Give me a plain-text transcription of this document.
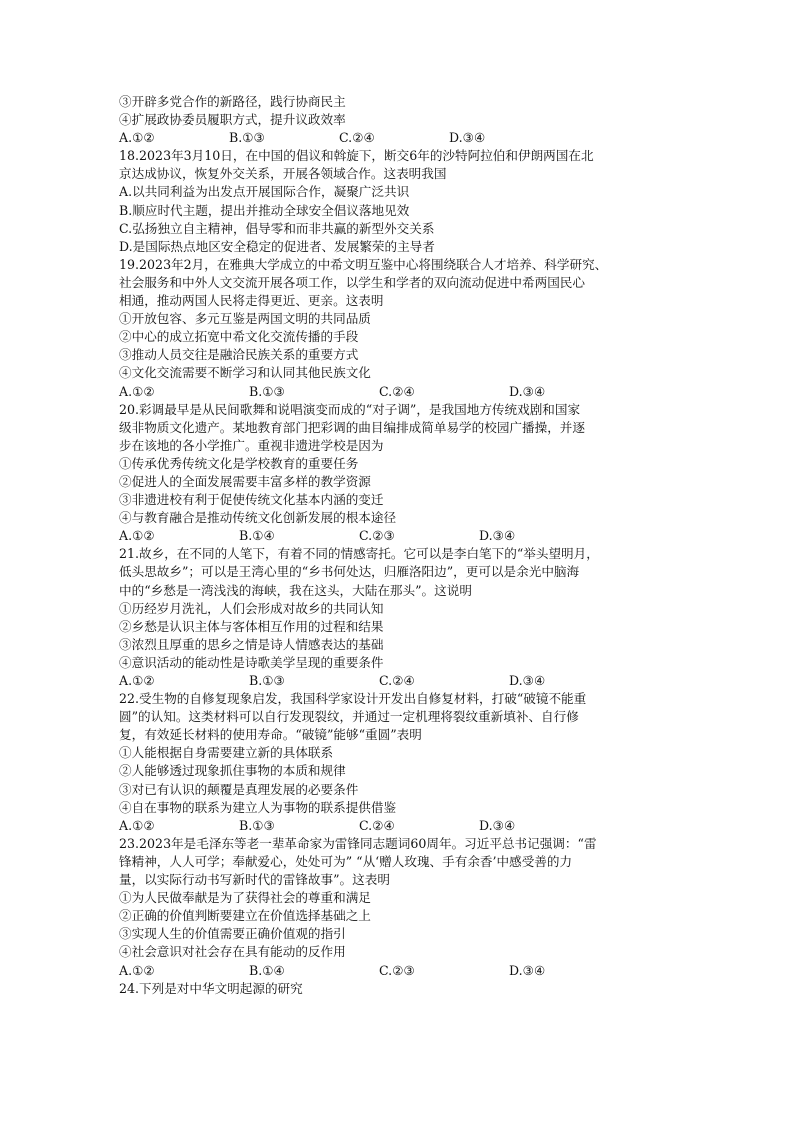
③开辟多党合作的新路径，践行协商民主
④扩展政协委员履职方式，提升议政效率
A.①②	B.①③	C.②④	D.③④
18.2023年3月10日，在中国的倡议和斡旋下，断交6年的沙特阿拉伯和伊朗两国在北
京达成协议，恢复外交关系，开展各领域合作。这表明我国
A.以共同利益为出发点开展国际合作，凝聚广泛共识
B.顺应时代主题，提出并推动全球安全倡议落地见效
C.弘扬独立自主精神，倡导零和而非共赢的新型外交关系
D.是国际热点地区安全稳定的促进者、发展繁荣的主导者
19.2023年2月，在雅典大学成立的中希文明互鉴中心将围绕联合人才培养、科学研究、
社会服务和中外人文交流开展各项工作，以学生和学者的双向流动促进中希两国民心
相通，推动两国人民将走得更近、更亲。这表明
①开放包容、多元互鉴是两国文明的共同品质
②中心的成立拓宽中希文化交流传播的手段
③推动人员交往是融洽民族关系的重要方式
④文化交流需要不断学习和认同其他民族文化
A.①②	B.①③	C.②④	D.③④
20.彩调最早是从民间歌舞和说唱演变而成的“对子调”，是我国地方传统戏剧和国家
级非物质文化遗产。某地教育部门把彩调的曲目编排成简单易学的校园广播操，并逐
步在该地的各小学推广。重视非遗进学校是因为
①传承优秀传统文化是学校教育的重要任务
②促进人的全面发展需要丰富多样的教学资源
③非遗进校有利于促使传统文化基本内涵的变迁
④与教育融合是推动传统文化创新发展的根本途径
A.①②	B.①④	C.②③	D.③④
21.故乡，在不同的人笔下，有着不同的情感寄托。它可以是李白笔下的“举头望明月，
低头思故乡”；可以是王湾心里的“乡书何处达，归雁洛阳边”，更可以是余光中脑海
中的“乡愁是一湾浅浅的海峡，我在这头，大陆在那头”。这说明
①历经岁月洗礼，人们会形成对故乡的共同认知
②乡愁是认识主体与客体相互作用的过程和结果
③浓烈且厚重的思乡之情是诗人情感表达的基础
④意识活动的能动性是诗歌美学呈现的重要条件
A.①②	B.①③	C.②④	D.③④
22.受生物的自修复现象启发，我国科学家设计开发出自修复材料，打破“破镜不能重
圆”的认知。这类材料可以自行发现裂纹，并通过一定机理将裂纹重新填补、自行修
复，有效延长材料的使用寿命。“破镜”能够“重圆”表明
①人能根据自身需要建立新的具体联系
②人能够透过现象抓住事物的本质和规律
③对已有认识的颠覆是真理发展的必要条件
④自在事物的联系为建立人为事物的联系提供借鉴
A.①②	B.①③	C.②④	D.③④
23.2023年是毛泽东等老一辈革命家为雷锋同志题词60周年。习近平总书记强调：“雷
锋精神，人人可学；奉献爱心，处处可为” “从‘赠人玫瑰、手有余香’中感受善的力
量，以实际行动书写新时代的雷锋故事”。这表明
①为人民做奉献是为了获得社会的尊重和满足
②正确的价值判断要建立在价值选择基础之上
③实现人生的价值需要正确价值观的指引
④社会意识对社会存在具有能动的反作用
A.①②	B.①④	C.②③	D.③④
24.下列是对中华文明起源的研究
